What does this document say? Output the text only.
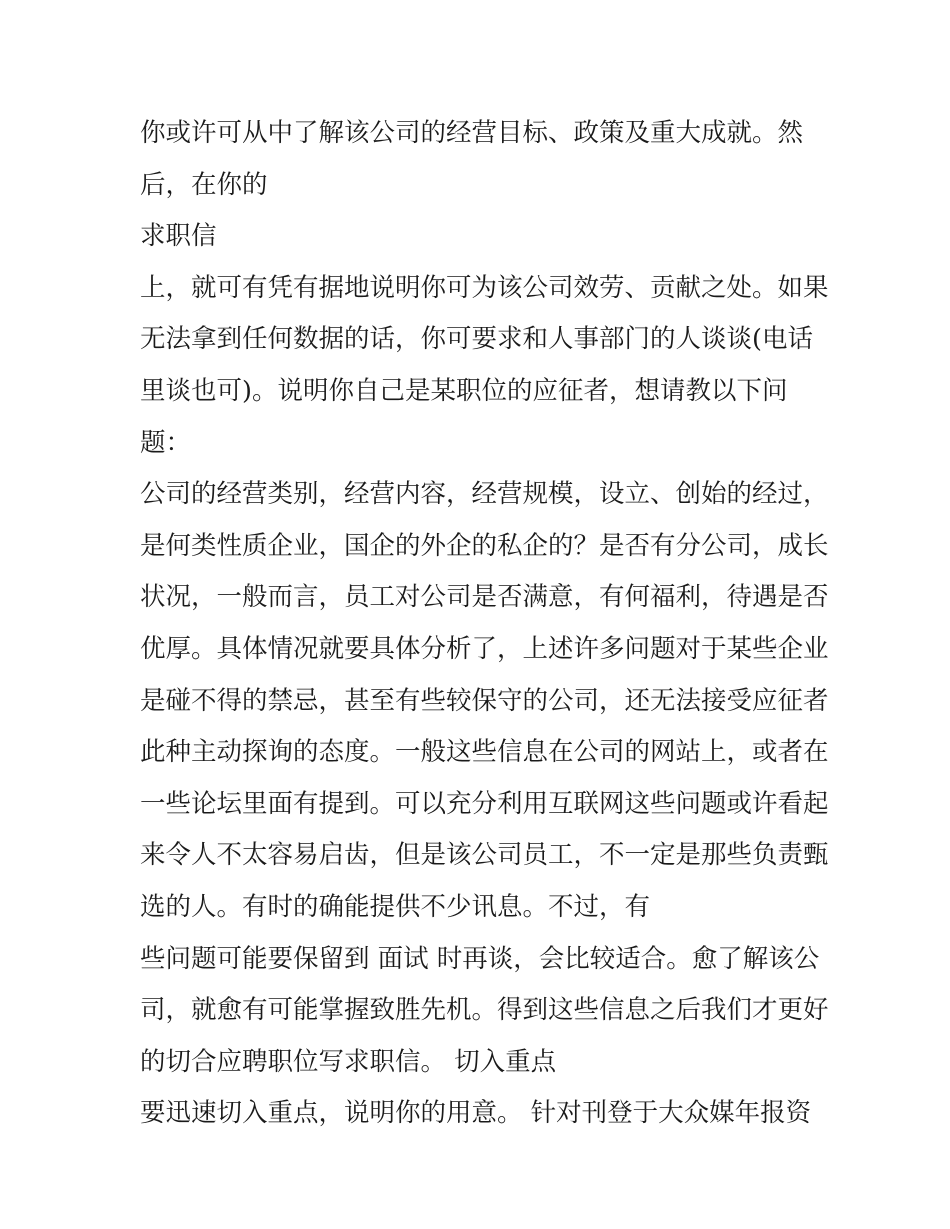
你或许可从中了解该公司的经营目标、政策及重大成就。然
后，在你的
求职信
上，就可有凭有据地说明你可为该公司效劳、贡献之处。如果
无法拿到任何数据的话，你可要求和人事部门的人谈谈(电话
里谈也可)。说明你自己是某职位的应征者，想请教以下问
题：
公司的经营类别，经营内容，经营规模，设立、创始的经过，
是何类性质企业，国企的外企的私企的？是否有分公司，成长
状况，一般而言，员工对公司是否满意，有何福利，待遇是否
优厚。具体情况就要具体分析了，上述许多问题对于某些企业
是碰不得的禁忌，甚至有些较保守的公司，还无法接受应征者
此种主动探询的态度。一般这些信息在公司的网站上，或者在
一些论坛里面有提到。可以充分利用互联网这些问题或许看起
来令人不太容易启齿，但是该公司员工，不一定是那些负责甄
选的人。有时的确能提供不少讯息。不过，有
些问题可能要保留到 面试 时再谈，会比较适合。愈了解该公
司，就愈有可能掌握致胜先机。得到这些信息之后我们才更好
的切合应聘职位写求职信。 切入重点
要迅速切入重点，说明你的用意。 针对刊登于大众媒年报资
